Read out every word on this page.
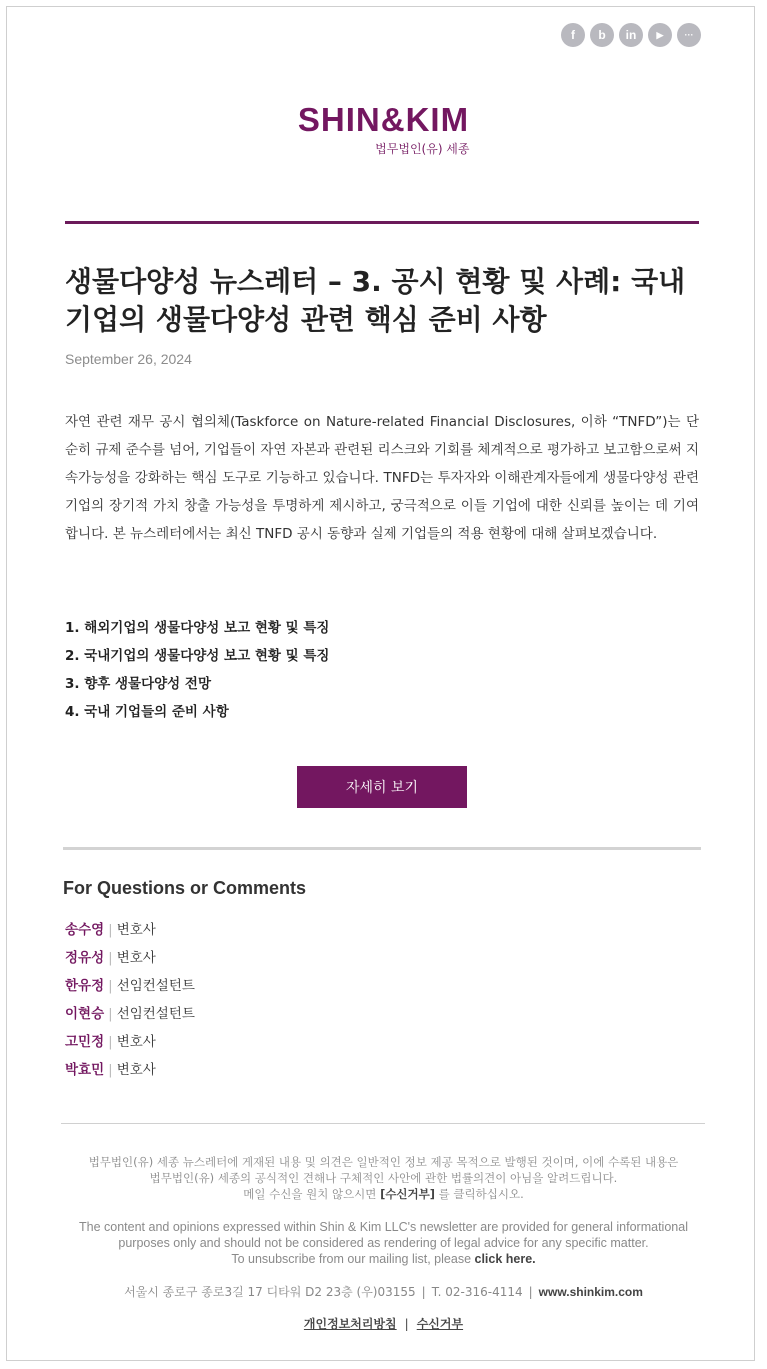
f	b	in	▶	···
SHIN&KIM
법무법인(유) 세종
생물다양성 뉴스레터 – 3. 공시 현황 및 사례: 국내 기업의 생물다양성 관련 핵심 준비 사항
September 26, 2024

자연 관련 재무 공시 협의체(Taskforce on Nature-related Financial Disclosures, 이하 “TNFD”)는 단순히 규제 준수를 넘어, 기업들이 자연 자본과 관련된 리스크와 기회를 체계적으로 평가하고 보고함으로써 지속가능성을 강화하는 핵심 도구로 기능하고 있습니다. TNFD는 투자자와 이해관계자들에게 생물다양성 관련 기업의 장기적 가치 창출 가능성을 투명하게 제시하고, 궁극적으로 이들 기업에 대한 신뢰를 높이는 데 기여합니다. 본 뉴스레터에서는 최신 TNFD 공시 동향과 실제 기업들의 적용 현황에 대해 살펴보겠습니다.

1. 해외기업의 생물다양성 보고 현황 및 특징
2. 국내기업의 생물다양성 보고 현황 및 특징
3. 향후 생물다양성 전망
4. 국내 기업들의 준비 사항
자세히 보기
For Questions or Comments
송수영 | 변호사
정유성 | 변호사
한유정 | 선임컨설턴트
이현승 | 선임컨설턴트
고민정 | 변호사
박효민 | 변호사

법무법인(유) 세종 뉴스레터에 게재된 내용 및 의견은 일반적인 정보 제공 목적으로 발행된 것이며, 이에 수록된 내용은
법무법인(유) 세종의 공식적인 견해나 구체적인 사안에 관한 법률의견이 아님을 알려드립니다.
메일 수신을 원치 않으시면 [수신거부] 를 클릭하십시오.

The content and opinions expressed within Shin & Kim LLC's newsletter are provided for general informational
purposes only and should not be considered as rendering of legal advice for any specific matter.
To unsubscribe from our mailing list, please click here.

서울시 종로구 종로3길 17 디타워 D2 23층 (우)03155 | T. 02-316-4114 | www.shinkim.com
개인정보처리방침 | 수신거부
